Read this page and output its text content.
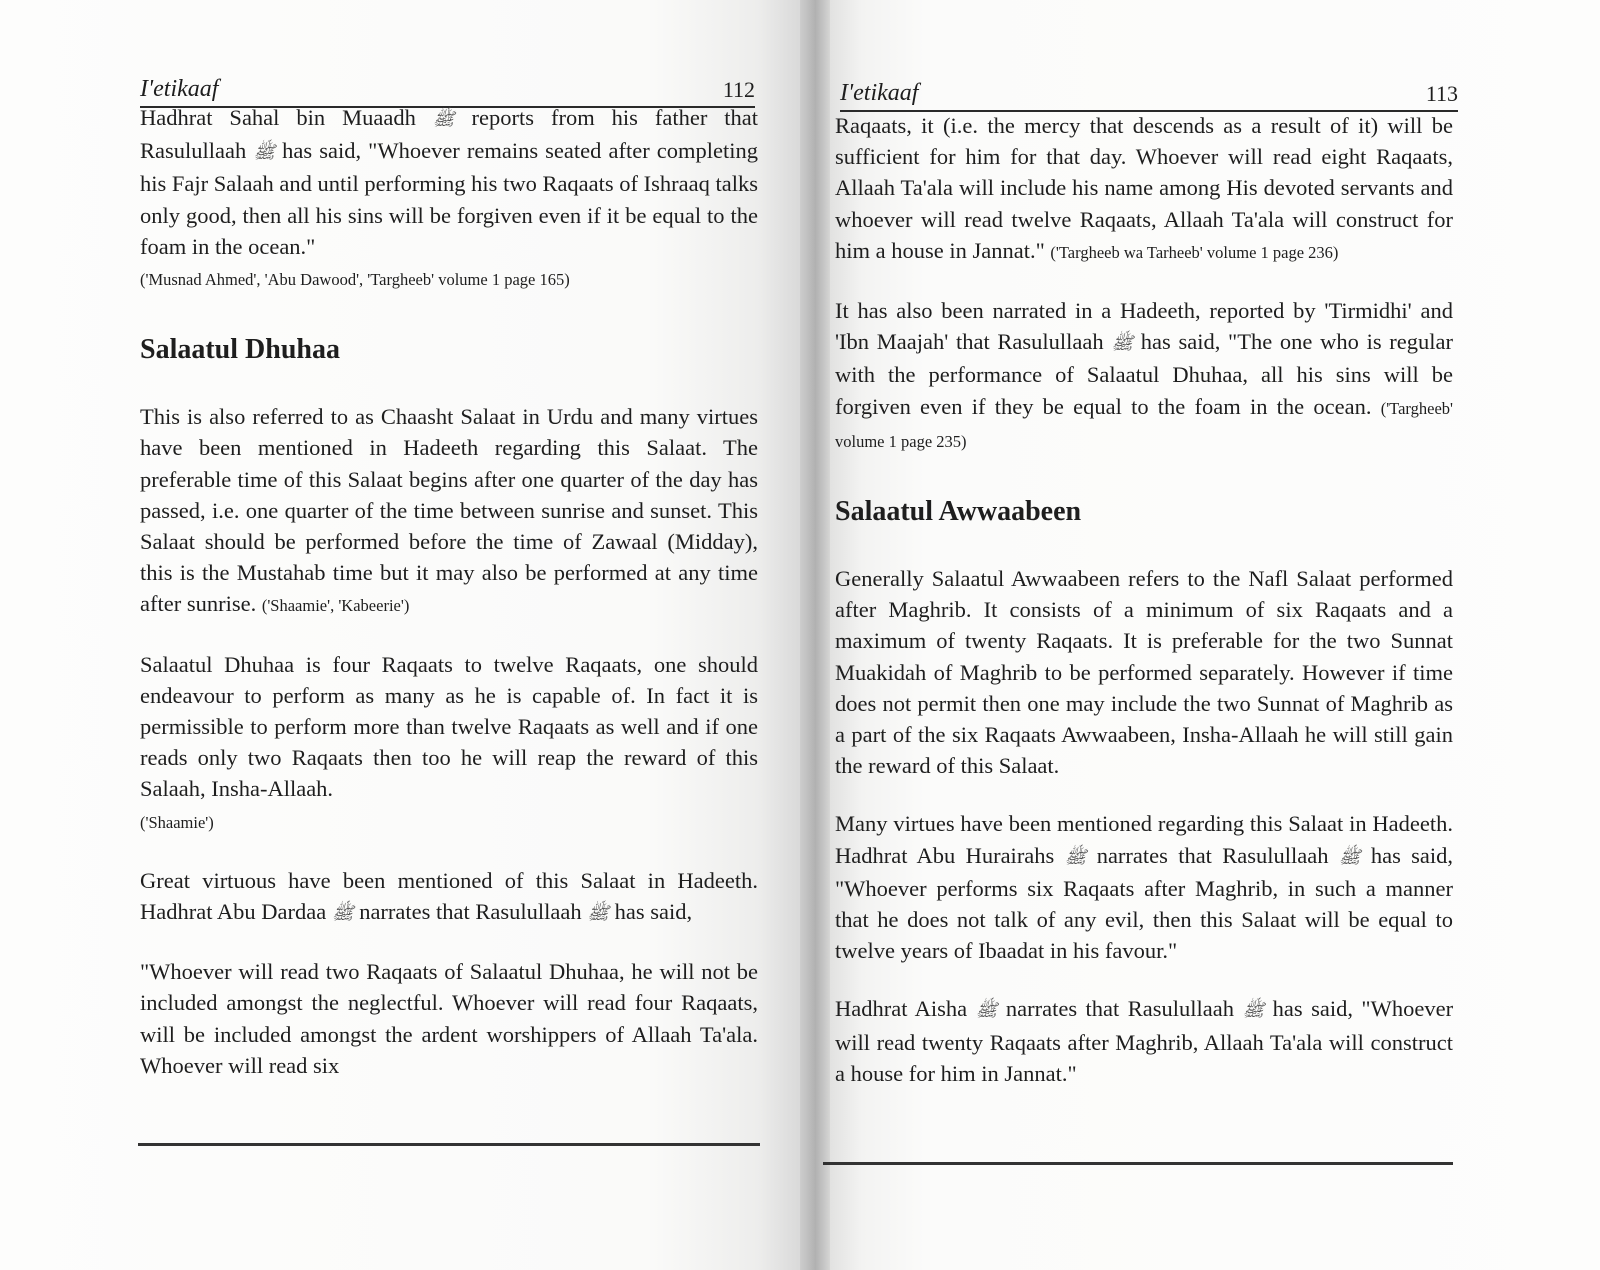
I'etikaaf	112

Hadhrat Sahal bin Muaadh ﷺ reports from his father that Rasulullaah ﷺ has said, "Whoever remains seated after completing his Fajr Salaah and until performing his two Raqaats of Ishraaq talks only good, then all his sins will be forgiven even if it be equal to the foam in the ocean."
('Musnad Ahmed', 'Abu Dawood', 'Targheeb' volume 1 page 165)

Salaatul Dhuhaa

This is also referred to as Chaasht Salaat in Urdu and many virtues have been mentioned in Hadeeth regarding this Salaat. The preferable time of this Salaat begins after one quarter of the day has passed, i.e. one quarter of the time between sunrise and sunset. This Salaat should be performed before the time of Zawaal (Midday), this is the Mustahab time but it may also be performed at any time after sunrise. ('Shaamie', 'Kabeerie')

Salaatul Dhuhaa is four Raqaats to twelve Raqaats, one should endeavour to perform as many as he is capable of. In fact it is permissible to perform more than twelve Raqaats as well and if one reads only two Raqaats then too he will reap the reward of this Salaah, Insha-Allaah.
('Shaamie')

Great virtuous have been mentioned of this Salaat in Hadeeth. Hadhrat Abu Dardaa ﷺ narrates that Rasulullaah ﷺ has said,

"Whoever will read two Raqaats of Salaatul Dhuhaa, he will not be included amongst the neglectful. Whoever will read four Raqaats, will be included amongst the ardent worshippers of Allaah Ta'ala. Whoever will read six

I'etikaaf	113

Raqaats, it (i.e. the mercy that descends as a result of it) will be sufficient for him for that day. Whoever will read eight Raqaats, Allaah Ta'ala will include his name among His devoted servants and whoever will read twelve Raqaats, Allaah Ta'ala will construct for him a house in Jannat." ('Targheeb wa Tarheeb' volume 1 page 236)

It has also been narrated in a Hadeeth, reported by 'Tirmidhi' and 'Ibn Maajah' that Rasulullaah ﷺ has said, "The one who is regular with the performance of Salaatul Dhuhaa, all his sins will be forgiven even if they be equal to the foam in the ocean. ('Targheeb' volume 1 page 235)

Salaatul Awwaabeen

Generally Salaatul Awwaabeen refers to the Nafl Salaat performed after Maghrib. It consists of a minimum of six Raqaats and a maximum of twenty Raqaats. It is preferable for the two Sunnat Muakidah of Maghrib to be performed separately. However if time does not permit then one may include the two Sunnat of Maghrib as a part of the six Raqaats Awwaabeen, Insha-Allaah he will still gain the reward of this Salaat.

Many virtues have been mentioned regarding this Salaat in Hadeeth. Hadhrat Abu Hurairahs ﷺ narrates that Rasulullaah ﷺ has said, "Whoever performs six Raqaats after Maghrib, in such a manner that he does not talk of any evil, then this Salaat will be equal to twelve years of Ibaadat in his favour."

Hadhrat Aisha ﷺ narrates that Rasulullaah ﷺ has said, "Whoever will read twenty Raqaats after Maghrib, Allaah Ta'ala will construct a house for him in Jannat."
